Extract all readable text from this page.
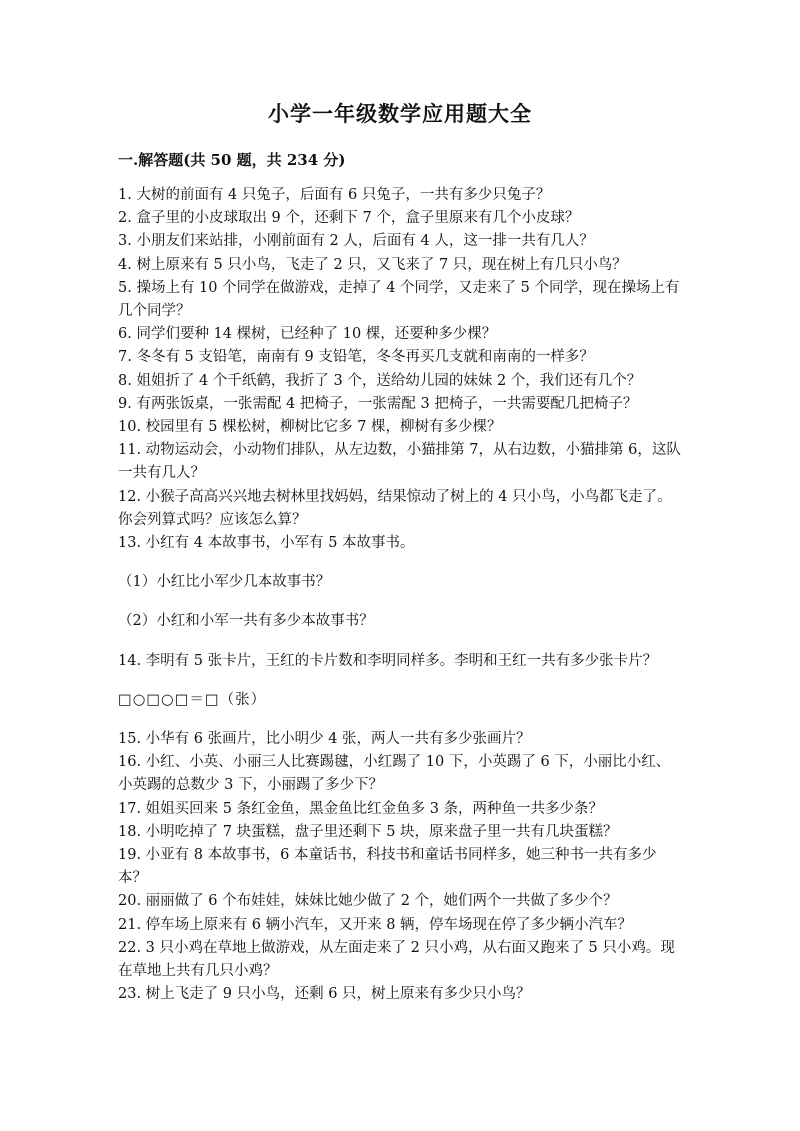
小学一年级数学应用题大全
一.解答题(共 50 题，共 234 分)

1. 大树的前面有 4 只兔子，后面有 6 只兔子，一共有多少只兔子？

2. 盒子里的小皮球取出 9 个，还剩下 7 个，盒子里原来有几个小皮球？

3. 小朋友们来站排，小刚前面有 2 人，后面有 4 人，这一排一共有几人？

4. 树上原来有 5 只小鸟，飞走了 2 只，又飞来了 7 只，现在树上有几只小鸟？

5. 操场上有 10 个同学在做游戏，走掉了 4 个同学，又走来了 5 个同学，现在操场上有几个同学？

6. 同学们要种 14 棵树，已经种了 10 棵，还要种多少棵？

7. 冬冬有 5 支铅笔，南南有 9 支铅笔，冬冬再买几支就和南南的一样多？

8. 姐姐折了 4 个千纸鹤，我折了 3 个，送给幼儿园的妹妹 2 个，我们还有几个？

9. 有两张饭桌，一张需配 4 把椅子，一张需配 3 把椅子，一共需要配几把椅子？

10. 校园里有 5 棵松树，柳树比它多 7 棵，柳树有多少棵？

11. 动物运动会，小动物们排队，从左边数，小猫排第 7，从右边数，小猫排第 6，这队一共有几人？

12. 小猴子高高兴兴地去树林里找妈妈，结果惊动了树上的 4 只小鸟，小鸟都飞走了。你会列算式吗？应该怎么算？

13. 小红有 4 本故事书，小军有 5 本故事书。

（1）小红比小军少几本故事书？

（2）小红和小军一共有多少本故事书？

14. 李明有 5 张卡片，王红的卡片数和李明同样多。李明和王红一共有多少张卡片？

□○□○□＝□（张）

15. 小华有 6 张画片，比小明少 4 张，两人一共有多少张画片？

16. 小红、小英、小丽三人比赛踢毽，小红踢了 10 下，小英踢了 6 下，小丽比小红、小英踢的总数少 3 下，小丽踢了多少下？

17. 姐姐买回来 5 条红金鱼，黑金鱼比红金鱼多 3 条，两种鱼一共多少条？

18. 小明吃掉了 7 块蛋糕，盘子里还剩下 5 块，原来盘子里一共有几块蛋糕？

19. 小亚有 8 本故事书，6 本童话书，科技书和童话书同样多，她三种书一共有多少本？

20. 丽丽做了 6 个布娃娃，妹妹比她少做了 2 个，她们两个一共做了多少个？

21. 停车场上原来有 6 辆小汽车，又开来 8 辆，停车场现在停了多少辆小汽车？

22. 3 只小鸡在草地上做游戏，从左面走来了 2 只小鸡，从右面又跑来了 5 只小鸡。现在草地上共有几只小鸡？

23. 树上飞走了 9 只小鸟，还剩 6 只，树上原来有多少只小鸟？
